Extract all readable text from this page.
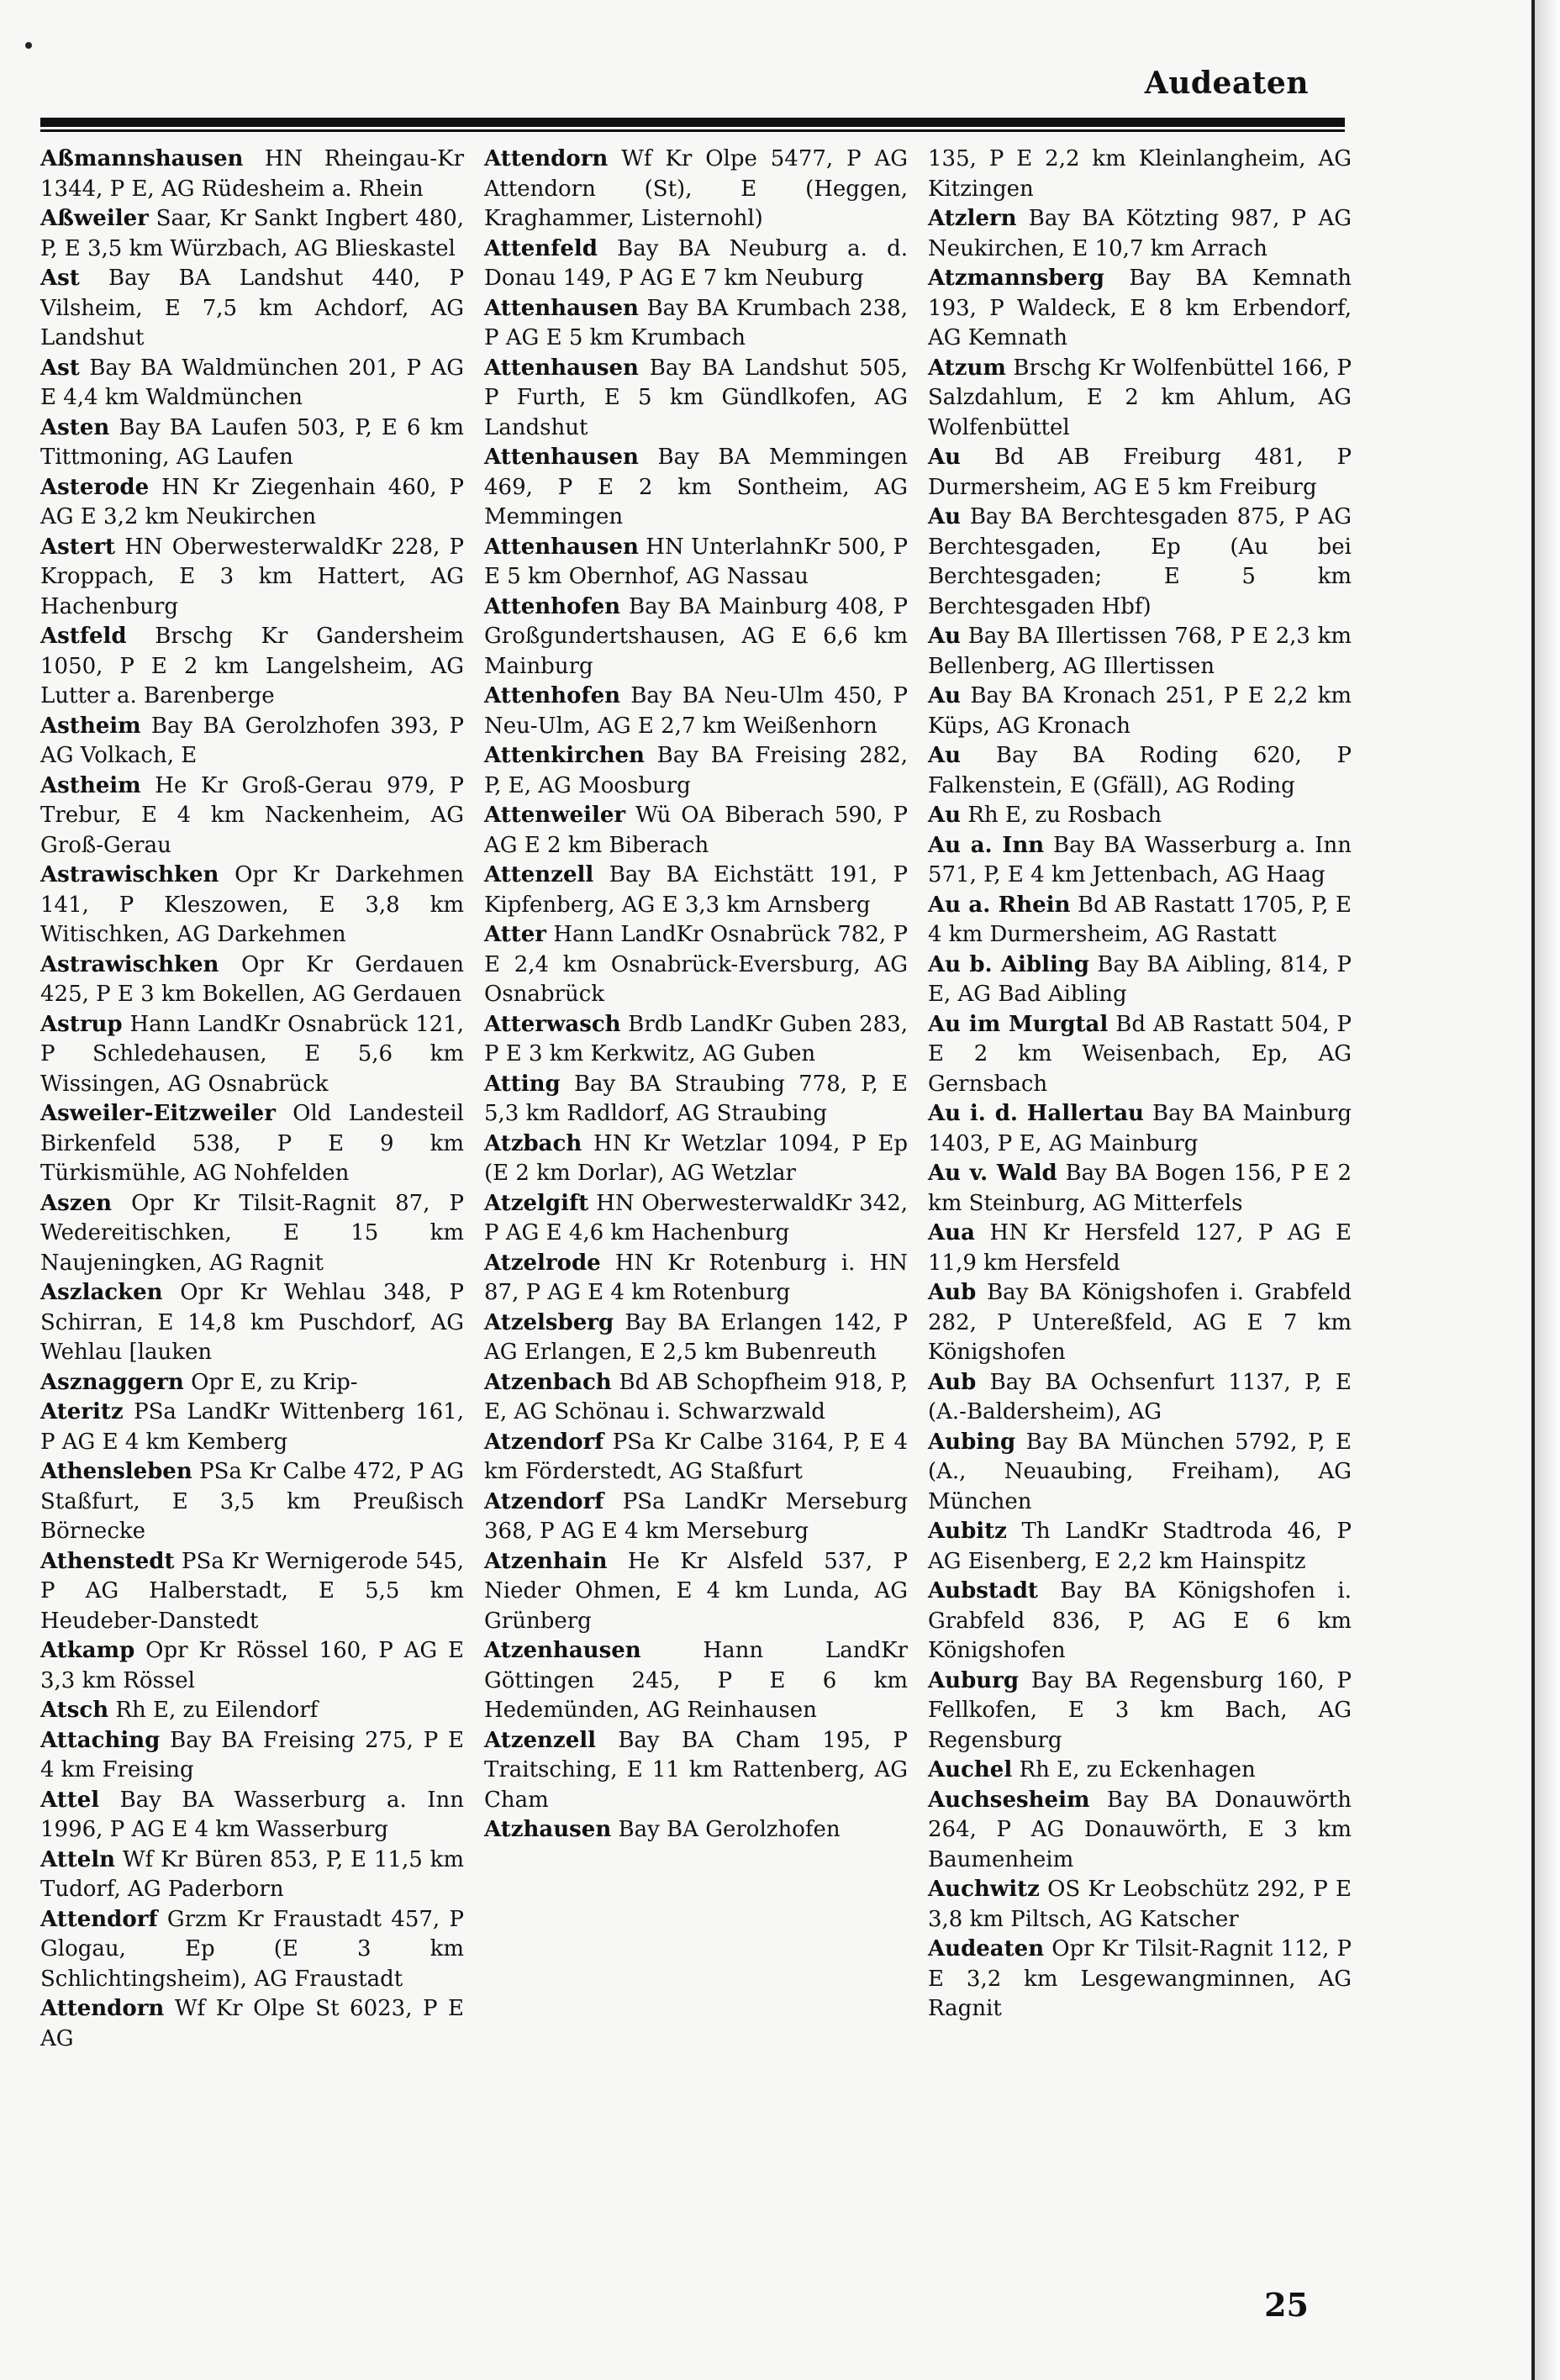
Audeaten

Aßmannshausen HN Rheingau-Kr 1344, P E, AG Rüdesheim a. Rhein

Aßweiler Saar, Kr Sankt Ingbert 480, P, E 3,5 km Würzbach, AG Blieskastel

Ast Bay BA Landshut 440, P Vilsheim, E 7,5 km Achdorf, AG Landshut

Ast Bay BA Waldmünchen 201, P AG E 4,4 km Waldmünchen

Asten Bay BA Laufen 503, P, E 6 km Tittmoning, AG Laufen

Asterode HN Kr Ziegenhain 460, P AG E 3,2 km Neukirchen

Astert HN OberwesterwaldKr 228, P Kroppach, E 3 km Hattert, AG Hachenburg

Astfeld Brschg Kr Gandersheim 1050, P E 2 km Langelsheim, AG Lutter a. Barenberge

Astheim Bay BA Gerolzhofen 393, P AG Volkach, E

Astheim He Kr Groß-Gerau 979, P Trebur, E 4 km Nackenheim, AG Groß-Gerau

Astrawischken Opr Kr Darkehmen 141, P Kleszowen, E 3,8 km Witischken, AG Darkehmen

Astrawischken Opr Kr Gerdauen 425, P E 3 km Bokellen, AG Gerdauen

Astrup Hann LandKr Osnabrück 121, P Schledehausen, E 5,6 km Wissingen, AG Osnabrück

Asweiler-Eitzweiler Old Landesteil Birkenfeld 538, P E 9 km Türkismühle, AG Nohfelden

Aszen Opr Kr Tilsit-Ragnit 87, P Wedereitischken, E 15 km Naujeningken, AG Ragnit

Aszlacken Opr Kr Wehlau 348, P Schirran, E 14,8 km Puschdorf, AG Wehlau [lauken

Asznaggern Opr E, zu Krip-

Ateritz PSa LandKr Wittenberg 161, P AG E 4 km Kemberg

Athensleben PSa Kr Calbe 472, P AG Staßfurt, E 3,5 km Preußisch Börnecke

Athenstedt PSa Kr Wernigerode 545, P AG Halberstadt, E 5,5 km Heudeber-Danstedt

Atkamp Opr Kr Rössel 160, P AG E 3,3 km Rössel

Atsch Rh E, zu Eilendorf

Attaching Bay BA Freising 275, P E 4 km Freising

Attel Bay BA Wasserburg a. Inn 1996, P AG E 4 km Wasserburg

Atteln Wf Kr Büren 853, P, E 11,5 km Tudorf, AG Paderborn

Attendorf Grzm Kr Fraustadt 457, P Glogau, Ep (E 3 km Schlichtingsheim), AG Fraustadt

Attendorn Wf Kr Olpe St 6023, P E AG

Attendorn Wf Kr Olpe 5477, P AG Attendorn (St), E (Heggen, Kraghammer, Listernohl)

Attenfeld Bay BA Neuburg a. d. Donau 149, P AG E 7 km Neuburg

Attenhausen Bay BA Krumbach 238, P AG E 5 km Krumbach

Attenhausen Bay BA Landshut 505, P Furth, E 5 km Gündlkofen, AG Landshut

Attenhausen Bay BA Memmingen 469, P E 2 km Sontheim, AG Memmingen

Attenhausen HN UnterlahnKr 500, P E 5 km Obernhof, AG Nassau

Attenhofen Bay BA Mainburg 408, P Großgundertshausen, AG E 6,6 km Mainburg

Attenhofen Bay BA Neu-Ulm 450, P Neu-Ulm, AG E 2,7 km Weißenhorn

Attenkirchen Bay BA Freising 282, P, E, AG Moosburg

Attenweiler Wü OA Biberach 590, P AG E 2 km Biberach

Attenzell Bay BA Eichstätt 191, P Kipfenberg, AG E 3,3 km Arnsberg

Atter Hann LandKr Osnabrück 782, P E 2,4 km Osnabrück-Eversburg, AG Osnabrück

Atterwasch Brdb LandKr Guben 283, P E 3 km Kerkwitz, AG Guben

Atting Bay BA Straubing 778, P, E 5,3 km Radldorf, AG Straubing

Atzbach HN Kr Wetzlar 1094, P Ep (E 2 km Dorlar), AG Wetzlar

Atzelgift HN OberwesterwaldKr 342, P AG E 4,6 km Hachenburg

Atzelrode HN Kr Rotenburg i. HN 87, P AG E 4 km Rotenburg

Atzelsberg Bay BA Erlangen 142, P AG Erlangen, E 2,5 km Bubenreuth

Atzenbach Bd AB Schopfheim 918, P, E, AG Schönau i. Schwarzwald

Atzendorf PSa Kr Calbe 3164, P, E 4 km Förderstedt, AG Staßfurt

Atzendorf PSa LandKr Merseburg 368, P AG E 4 km Merseburg

Atzenhain He Kr Alsfeld 537, P Nieder Ohmen, E 4 km Lunda, AG Grünberg

Atzenhausen Hann LandKr Göttingen 245, P E 6 km Hedemünden, AG Reinhausen

Atzenzell Bay BA Cham 195, P Traitsching, E 11 km Rattenberg, AG Cham

Atzhausen Bay BA Gerolzhofen

135, P E 2,2 km Kleinlangheim, AG Kitzingen

Atzlern Bay BA Kötzting 987, P AG Neukirchen, E 10,7 km Arrach

Atzmannsberg Bay BA Kemnath 193, P Waldeck, E 8 km Erbendorf, AG Kemnath

Atzum Brschg Kr Wolfenbüttel 166, P Salzdahlum, E 2 km Ahlum, AG Wolfenbüttel

Au Bd AB Freiburg 481, P Durmersheim, AG E 5 km Freiburg

Au Bay BA Berchtesgaden 875, P AG Berchtesgaden, Ep (Au bei Berchtesgaden; E 5 km Berchtesgaden Hbf)

Au Bay BA Illertissen 768, P E 2,3 km Bellenberg, AG Illertissen

Au Bay BA Kronach 251, P E 2,2 km Küps, AG Kronach

Au Bay BA Roding 620, P Falkenstein, E (Gfäll), AG Roding

Au Rh E, zu Rosbach

Au a. Inn Bay BA Wasserburg a. Inn 571, P, E 4 km Jettenbach, AG Haag

Au a. Rhein Bd AB Rastatt 1705, P, E 4 km Durmersheim, AG Rastatt

Au b. Aibling Bay BA Aibling, 814, P E, AG Bad Aibling

Au im Murgtal Bd AB Rastatt 504, P E 2 km Weisenbach, Ep, AG Gernsbach

Au i. d. Hallertau Bay BA Mainburg 1403, P E, AG Mainburg

Au v. Wald Bay BA Bogen 156, P E 2 km Steinburg, AG Mitterfels

Aua HN Kr Hersfeld 127, P AG E 11,9 km Hersfeld

Aub Bay BA Königshofen i. Grabfeld 282, P Untereßfeld, AG E 7 km Königshofen

Aub Bay BA Ochsenfurt 1137, P, E (A.-Baldersheim), AG

Aubing Bay BA München 5792, P, E (A., Neuaubing, Freiham), AG München

Aubitz Th LandKr Stadtroda 46, P AG Eisenberg, E 2,2 km Hainspitz

Aubstadt Bay BA Königshofen i. Grabfeld 836, P, AG E 6 km Königshofen

Auburg Bay BA Regensburg 160, P Fellkofen, E 3 km Bach, AG Regensburg

Auchel Rh E, zu Eckenhagen

Auchsesheim Bay BA Donauwörth 264, P AG Donauwörth, E 3 km Baumenheim

Auchwitz OS Kr Leobschütz 292, P E 3,8 km Piltsch, AG Katscher

Audeaten Opr Kr Tilsit-Ragnit 112, P E 3,2 km Lesgewangminnen, AG Ragnit

25
